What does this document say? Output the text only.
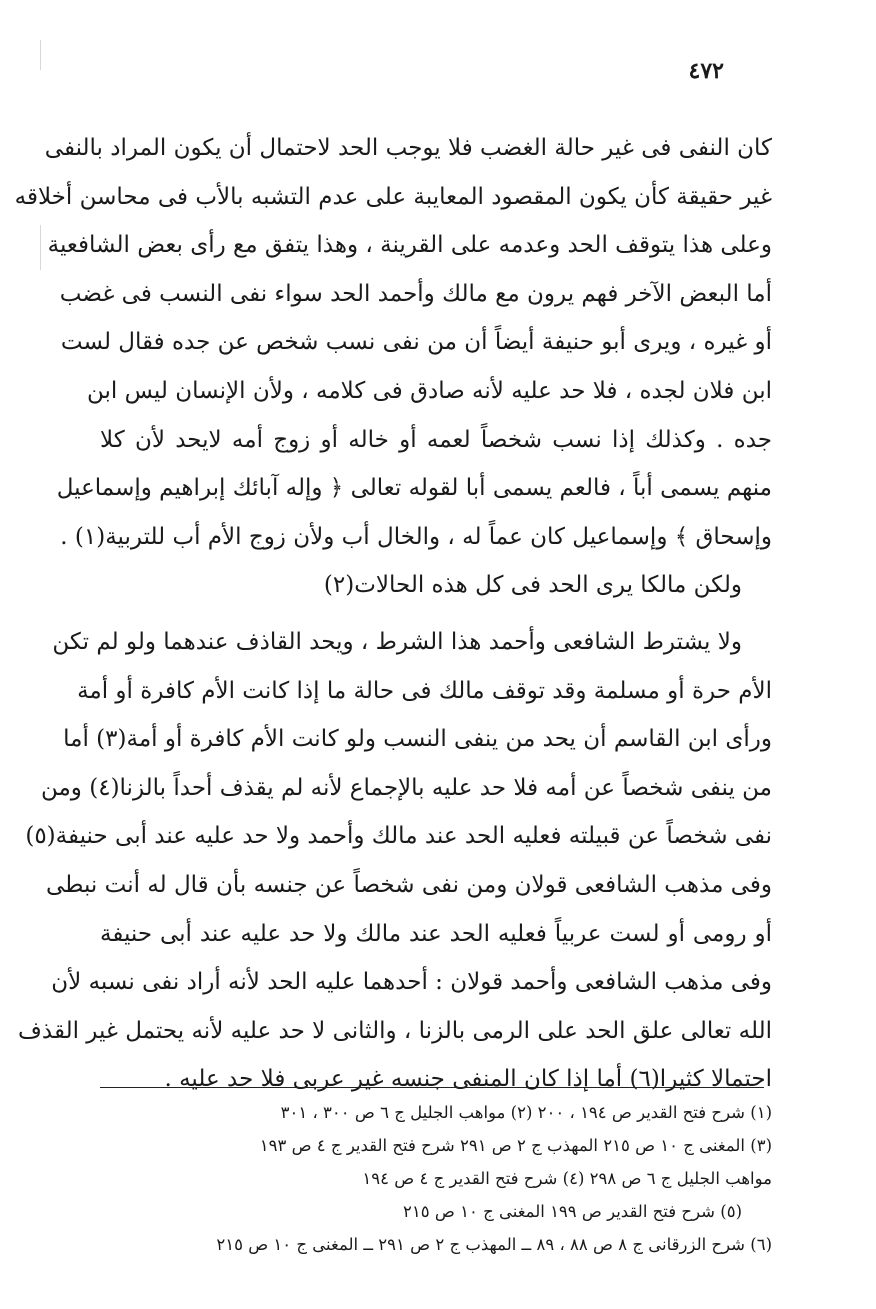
٤٧٢
كان النفى فى غير حالة الغضب فلا يوجب الحد لاحتمال أن يكون المراد بالنفى
غير حقيقة كأن يكون المقصود المعايبة على عدم التشبه بالأب فى محاسن أخلاقه
وعلى هذا يتوقف الحد وعدمه على القرينة ، وهذا يتفق مع رأى بعض الشافعية
أما البعض الآخر فهم يرون مع مالك وأحمد الحد سواء نفى النسب فى غضب
أو غيره ، ويرى أبو حنيفة أيضاً أن من نفى نسب شخص عن جده فقال لست
ابن فلان لجده ، فلا حد عليه لأنه صادق فى كلامه ، ولأن الإنسان ليس ابن
جده . وكذلك إذا نسب شخصاً لعمه أو خاله أو زوج أمه لايحد لأن كلا
منهم يسمى أباً ، فالعم يسمى أبا لقوله تعالى ﴿ وإله آبائك إبراهيم وإسماعيل
وإسحاق ﴾ وإسماعيل كان عماً له ، والخال أب ولأن زوج الأم أب للتربية(١) .
ولكن مالكا يرى الحد فى كل هذه الحالات(٢)
ولا يشترط الشافعى وأحمد هذا الشرط ، ويحد القاذف عندهما ولو لم تكن
الأم حرة أو مسلمة وقد توقف مالك فى حالة ما إذا كانت الأم كافرة أو أمة
ورأى ابن القاسم أن يحد من ينفى النسب ولو كانت الأم كافرة أو أمة(٣) أما
من ينفى شخصاً عن أمه فلا حد عليه بالإجماع لأنه لم يقذف أحداً بالزنا(٤) ومن
نفى شخصاً عن قبيلته فعليه الحد عند مالك وأحمد ولا حد عليه عند أبى حنيفة(٥)
وفى مذهب الشافعى قولان ومن نفى شخصاً عن جنسه بأن قال له أنت نبطى
أو رومى أو لست عربياً فعليه الحد عند مالك ولا حد عليه عند أبى حنيفة
وفى مذهب الشافعى وأحمد قولان : أحدهما عليه الحد لأنه أراد نفى نسبه لأن
الله تعالى علق الحد على الرمى بالزنا ، والثانى لا حد عليه لأنه يحتمل غير القذف
احتمالا كثيرا(٦) أما إذا كان المنفى جنسه غير عربى فلا حد عليه .
(١) شرح فتح القدير ص ١٩٤ ، ٢٠٠ (٢) مواهب الجليل ج ٦ ص ٣٠٠ ، ٣٠١
(٣) المغنى ج ١٠ ص ٢١٥ المهذب ج ٢ ص ٢٩١ شرح فتح القدير ج ٤ ص ١٩٣
مواهب الجليل ج ٦ ص ٢٩٨ (٤) شرح فتح القدير ج ٤ ص ١٩٤
(٥) شرح فتح القدير ص ١٩٩ المغنى ج ١٠ ص ٢١٥
(٦) شرح الزرقانى ج ٨ ص ٨٨ ، ٨٩ ــ المهذب ج ٢ ص ٢٩١ ــ المغنى ج ١٠ ص ٢١٥
